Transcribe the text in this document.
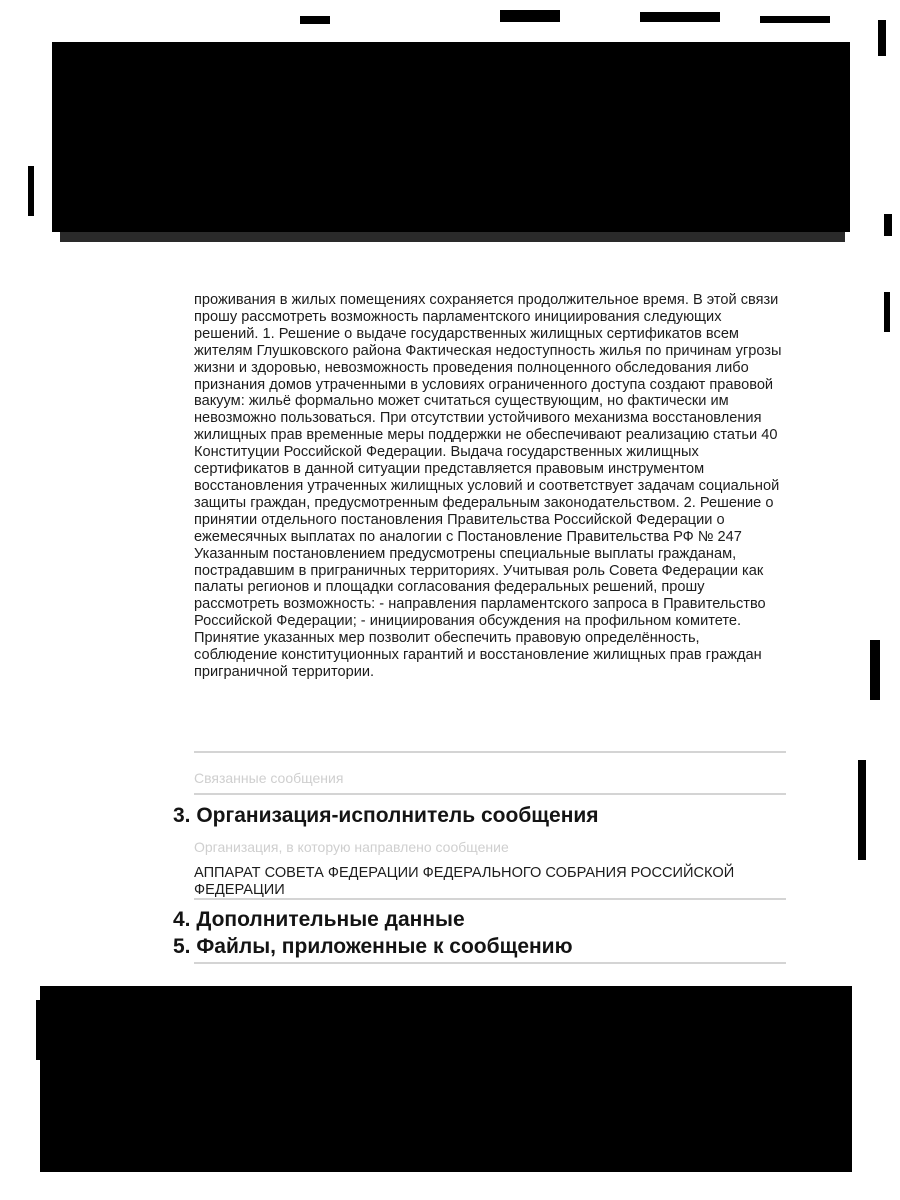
проживания в жилых помещениях сохраняется продолжительное время. В этой связи прошу рассмотреть возможность парламентского инициирования следующих решений. 1. Решение о выдаче государственных жилищных сертификатов всем жителям Глушковского района Фактическая недоступность жилья по причинам угрозы жизни и здоровью, невозможность проведения полноценного обследования либо признания домов утраченными в условиях ограниченного доступа создают правовой вакуум: жильё формально может считаться существующим, но фактически им невозможно пользоваться. При отсутствии устойчивого механизма восстановления жилищных прав временные меры поддержки не обеспечивают реализацию статьи 40 Конституции Российской Федерации. Выдача государственных жилищных сертификатов в данной ситуации представляется правовым инструментом восстановления утраченных жилищных условий и соответствует задачам социальной защиты граждан, предусмотренным федеральным законодательством. 2. Решение о принятии отдельного постановления Правительства Российской Федерации о ежемесячных выплатах по аналогии с Постановление Правительства РФ № 247 Указанным постановлением предусмотрены специальные выплаты гражданам, пострадавшим в приграничных территориях. Учитывая роль Совета Федерации как палаты регионов и площадки согласования федеральных решений, прошу рассмотреть возможность: - направления парламентского запроса в Правительство Российской Федерации; - инициирования обсуждения на профильном комитете. Принятие указанных мер позволит обеспечить правовую определённость, соблюдение конституционных гарантий и восстановление жилищных прав граждан приграничной территории.

Связанные сообщения
3. Организация-исполнитель сообщения
Организация, в которую направлено сообщение
АППАРАТ СОВЕТА ФЕДЕРАЦИИ ФЕДЕРАЛЬНОГО СОБРАНИЯ РОССИЙСКОЙ ФЕДЕРАЦИИ
4. Дополнительные данные
5. Файлы, приложенные к сообщению
